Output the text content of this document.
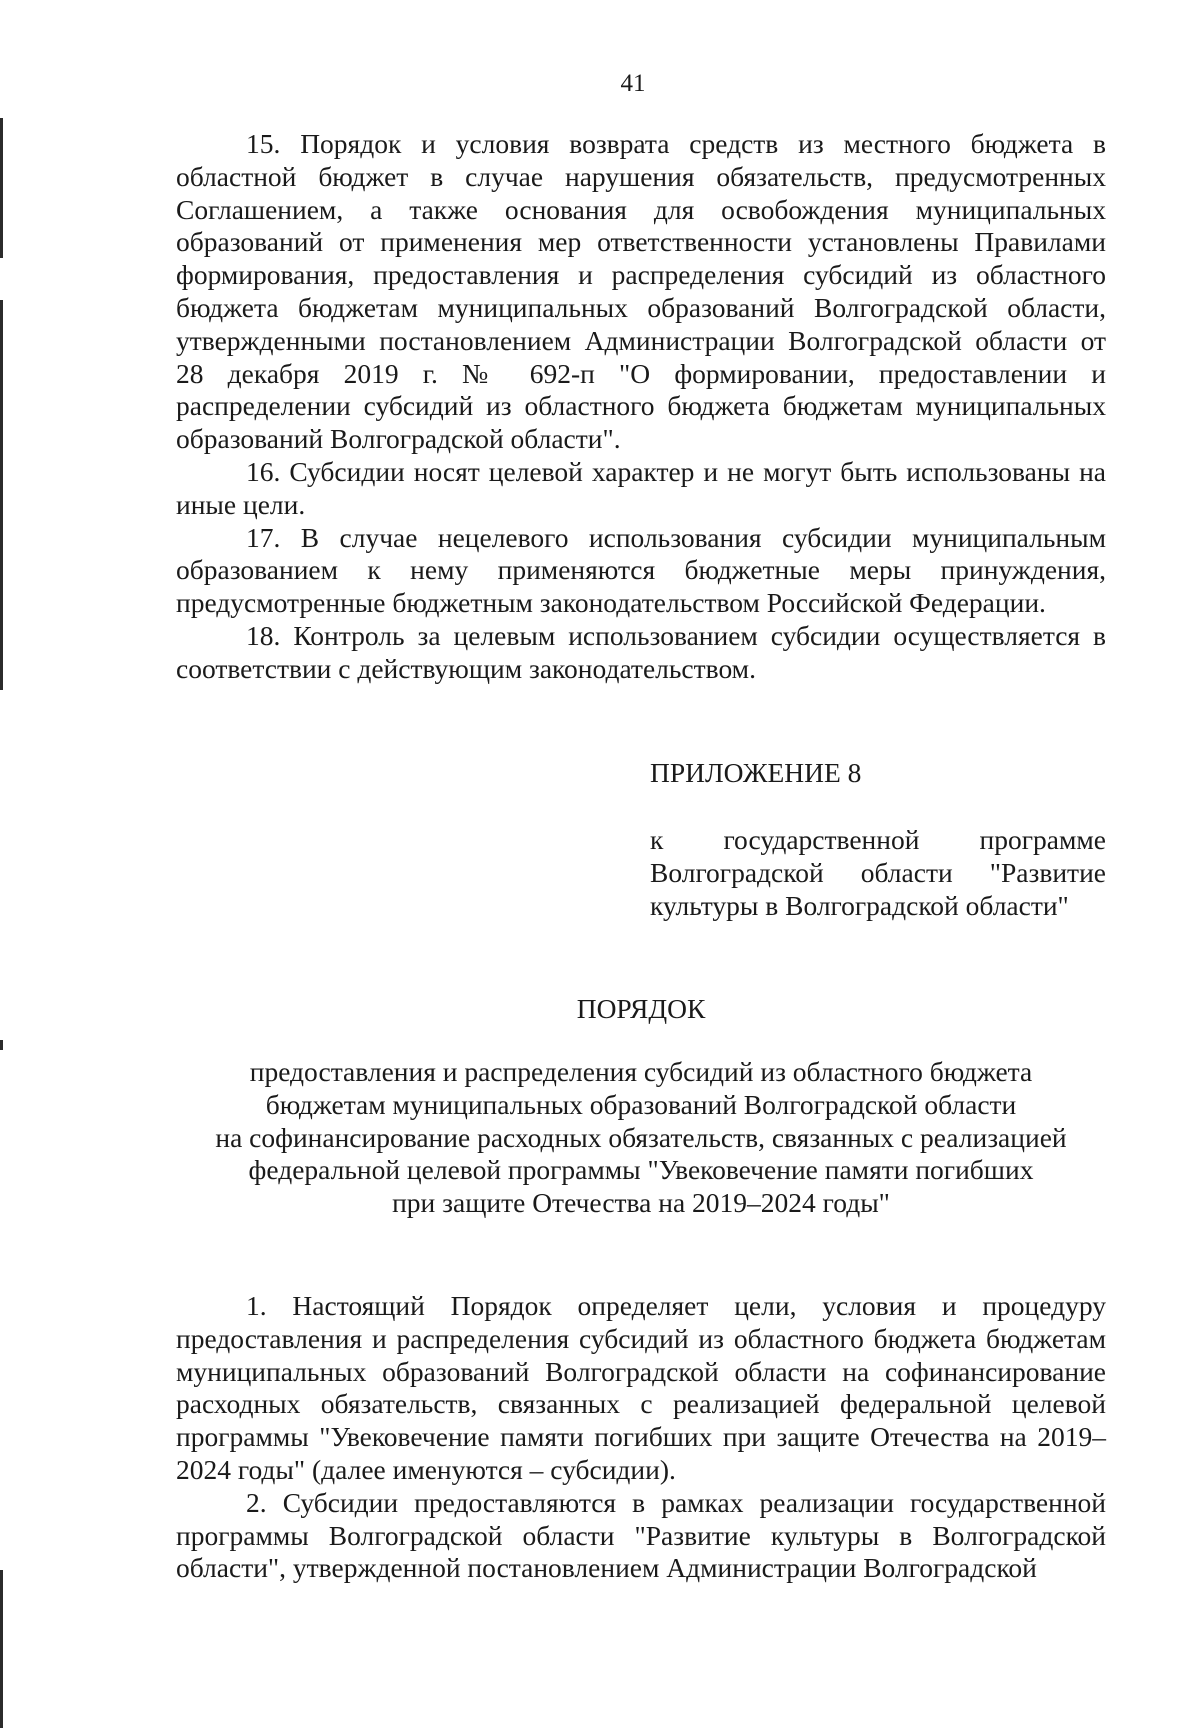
41

15. Порядок и условия возврата средств из местного бюджета в областной бюджет в случае нарушения обязательств, предусмотренных Соглашением, а также основания для освобождения муниципальных образований от применения мер ответственности установлены Правилами формирования, предоставления и распределения субсидий из областного бюджета бюджетам муниципальных образований Волгоградской области, утвержденными постановлением Администрации Волгоградской области от 28 декабря 2019 г. № 692-п "О формировании, предоставлении и распределении субсидий из областного бюджета бюджетам муниципальных образований Волгоградской области".

16. Субсидии носят целевой характер и не могут быть использованы на иные цели.

17. В случае нецелевого использования субсидии муниципальным образованием к нему применяются бюджетные меры принуждения, предусмотренные бюджетным законодательством Российской Федерации.

18. Контроль за целевым использованием субсидии осуществляется в соответствии с действующим законодательством.

ПРИЛОЖЕНИЕ 8
к государственной программе Волгоградской области "Развитие культуры в Волгоградской области"
ПОРЯДОК
предоставления и распределения субсидий из областного бюджета
бюджетам муниципальных образований Волгоградской области
на софинансирование расходных обязательств, связанных с реализацией
федеральной целевой программы "Увековечение памяти погибших
при защите Отечества на 2019–2024 годы"

1. Настоящий Порядок определяет цели, условия и процедуру предоставления и распределения субсидий из областного бюджета бюджетам муниципальных образований Волгоградской области на софинансирование расходных обязательств, связанных с реализацией федеральной целевой программы "Увековечение памяти погибших при защите Отечества на 2019–2024 годы" (далее именуются – субсидии).

2. Субсидии предоставляются в рамках реализации государственной программы Волгоградской области "Развитие культуры в Волгоградской области", утвержденной постановлением Администрации Волгоградской
